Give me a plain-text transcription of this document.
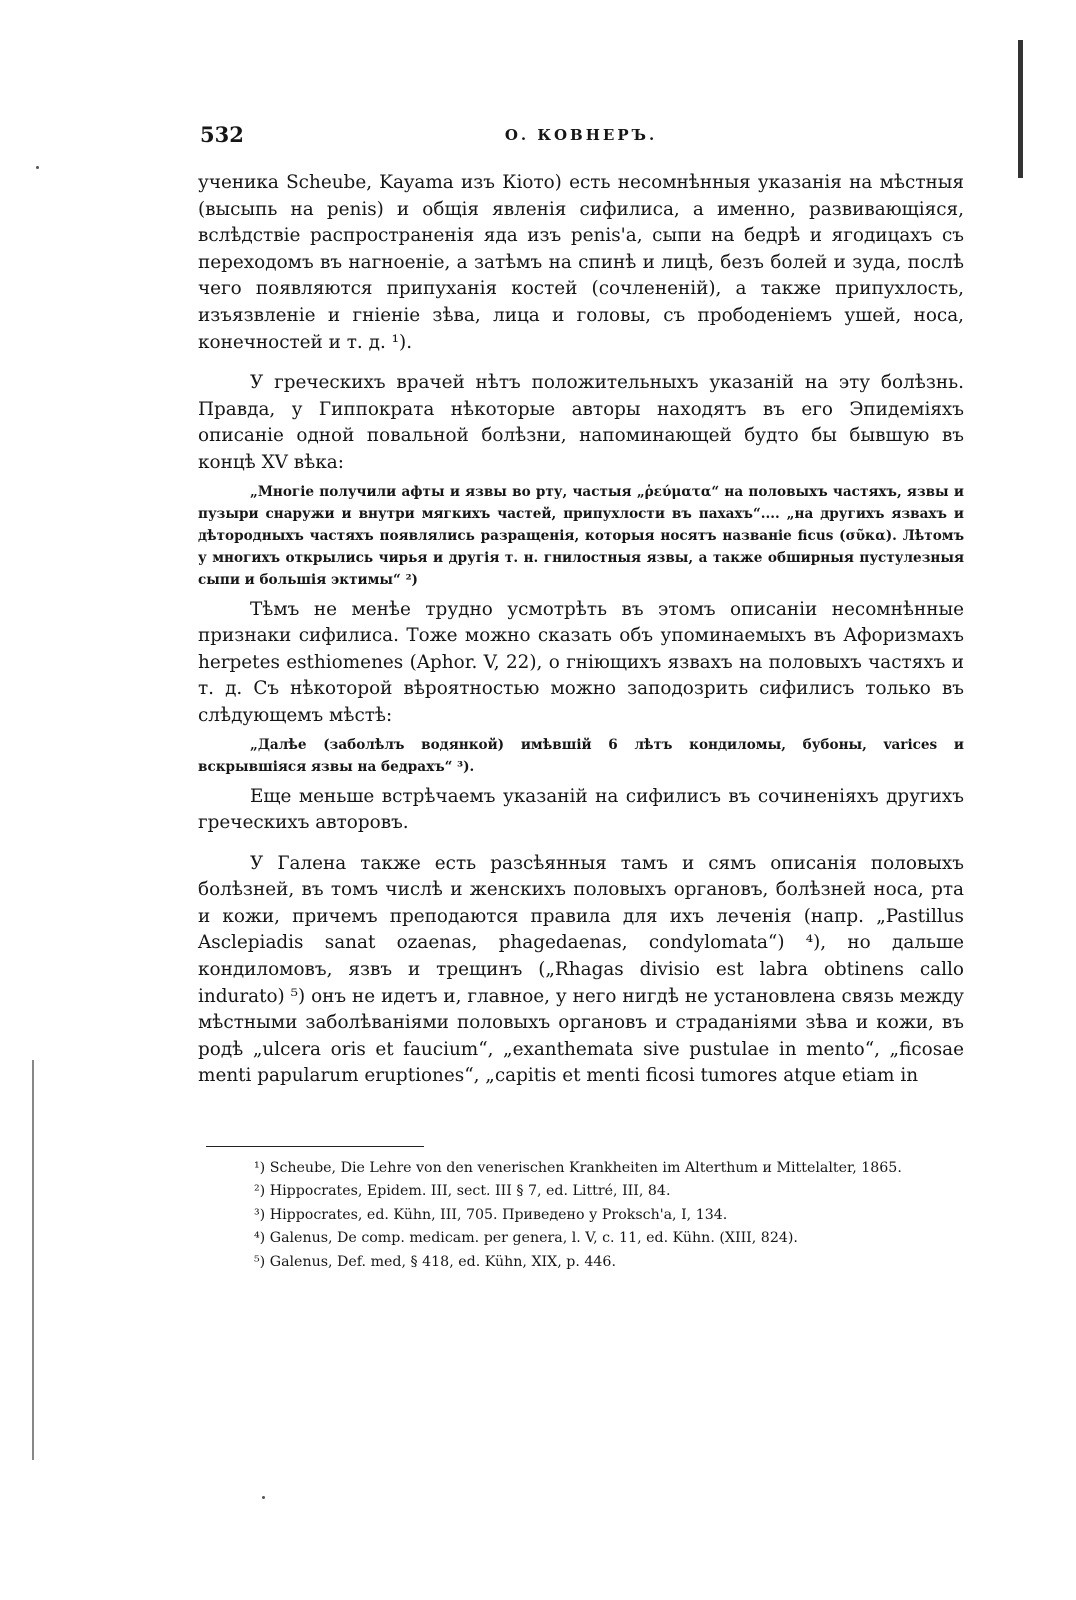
532	О. КОВНЕРЪ.

ученика Scheube, Kayama изъ Кіото) есть несомнѣнныя указанія на мѣстныя (высыпь на penis) и общія явленія сифилиса, а именно, развивающіяся, вслѣдствіе распространенія яда изъ penis'a, сыпи на бедрѣ и ягодицахъ съ переходомъ въ нагноеніе, а затѣмъ на спинѣ и лицѣ, безъ болей и зуда, послѣ чего появляются припуханія костей (сочлененій), а также припухлость, изъязвленіе и гніеніе зѣва, лица и головы, съ прободеніемъ ушей, носа, конечностей и т. д. ¹).

У греческихъ врачей нѣтъ положительныхъ указаній на эту болѣзнь. Правда, у Гиппократа нѣкоторые авторы находятъ въ его Эпидеміяхъ описаніе одной повальной болѣзни, напоминающей будто бы бывшую въ концѣ XV вѣка:

„Многіе получили афты и язвы во рту, частыя „ῥεύματα“ на половыхъ частяхъ, язвы и пузыри снаружи и внутри мягкихъ частей, припухлости въ пахахъ“.... „на другихъ язвахъ и дѣтородныхъ частяхъ появлялись разращенія, которыя носятъ названіе ficus (σῦκα). Лѣтомъ у многихъ открылись чирья и другія т. н. гнилостныя язвы, а также обширныя пустулезныя сыпи и большія эктимы“ ²)

Тѣмъ не менѣе трудно усмотрѣть въ этомъ описаніи несомнѣнные признаки сифилиса. Тоже можно сказать объ упоминаемыхъ въ Афоризмахъ herpetes esthiomenes (Aphor. V, 22), о гніющихъ язвахъ на половыхъ частяхъ и т. д. Съ нѣкоторой вѣроятностью можно заподозрить сифилисъ только въ слѣдующемъ мѣстѣ:

„Далѣе (заболѣлъ водянкой) имѣвшій 6 лѣтъ кондиломы, бубоны, varices и вскрывшіяся язвы на бедрахъ“ ³).

Еще меньше встрѣчаемъ указаній на сифилисъ въ сочиненіяхъ другихъ греческихъ авторовъ.

У Галена также есть разсѣянныя тамъ и сямъ описанія половыхъ болѣзней, въ томъ числѣ и женскихъ половыхъ органовъ, болѣзней носа, рта и кожи, причемъ преподаются правила для ихъ леченія (напр. „Pastillus Asclepiadis sanat ozaenas, phagedaenas, condylomata“) ⁴), но дальше кондиломовъ, язвъ и трещинъ („Rhagas divisio est labra obtinens callo indurato) ⁵) онъ не идетъ и, главное, у него нигдѣ не установлена связь между мѣстными заболѣваніями половыхъ органовъ и страданіями зѣва и кожи, въ родѣ „ulcera oris et faucium“, „exanthemata sive pustulae in mento“, „ficosae menti papularum eruptiones“, „capitis et menti ficosi tumores atque etiam in

¹) Scheube, Die Lehre von den venerischen Krankheiten im Alterthum и Mittelalter, 1865.

²) Hippocrates, Epidem. III, sect. III § 7, ed. Littré, III, 84.

³) Hippocrates, ed. Kühn, III, 705. Приведено у Proksch'a, I, 134.

⁴) Galenus, De comp. medicam. per genera, l. V, c. 11, ed. Kühn. (XIII, 824).

⁵) Galenus, Def. med, § 418, ed. Kühn, XIX, p. 446.
